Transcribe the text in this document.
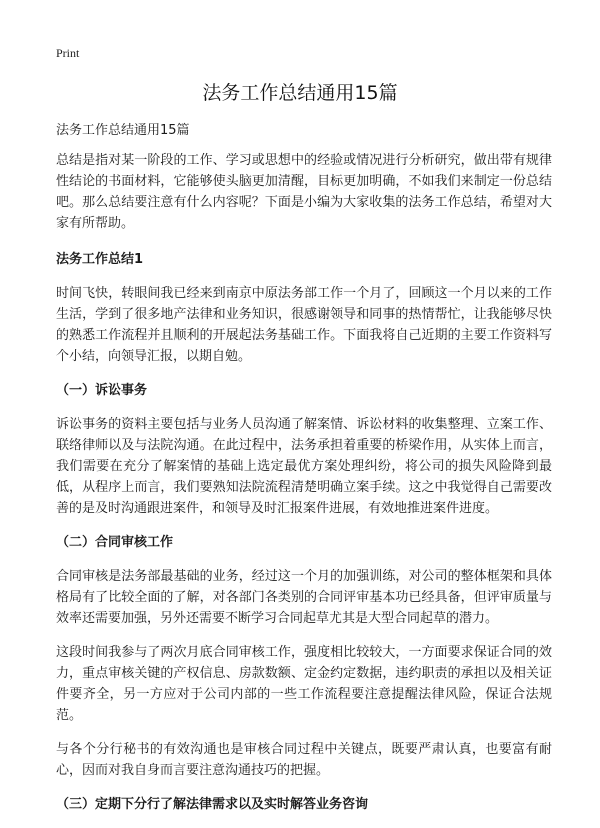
Print
法务工作总结通用15篇

法务工作总结通用15篇

总结是指对某一阶段的工作、学习或思想中的经验或情况进行分析研究，做出带有规律性结论的书面材料，它能够使头脑更加清醒，目标更加明确，不如我们来制定一份总结吧。那么总结要注意有什么内容呢？下面是小编为大家收集的法务工作总结，希望对大家有所帮助。

法务工作总结1

时间飞快，转眼间我已经来到南京中原法务部工作一个月了，回顾这一个月以来的工作生活，学到了很多地产法律和业务知识，很感谢领导和同事的热情帮忙，让我能够尽快的熟悉工作流程并且顺利的开展起法务基础工作。下面我将自己近期的主要工作资料写个小结，向领导汇报，以期自勉。

（一）诉讼事务

诉讼事务的资料主要包括与业务人员沟通了解案情、诉讼材料的收集整理、立案工作、联络律师以及与法院沟通。在此过程中，法务承担着重要的桥梁作用，从实体上而言，我们需要在充分了解案情的基础上选定最优方案处理纠纷，将公司的损失风险降到最低，从程序上而言，我们要熟知法院流程清楚明确立案手续。这之中我觉得自己需要改善的是及时沟通跟进案件，和领导及时汇报案件进展，有效地推进案件进度。

（二）合同审核工作

合同审核是法务部最基础的业务，经过这一个月的加强训练，对公司的整体框架和具体格局有了比较全面的了解，对各部门各类别的合同评审基本功已经具备，但评审质量与效率还需要加强，另外还需要不断学习合同起草尤其是大型合同起草的潜力。

这段时间我参与了两次月底合同审核工作，强度相比较较大，一方面要求保证合同的效力，重点审核关键的产权信息、房款数额、定金约定数据，违约职责的承担以及相关证件要齐全，另一方应对于公司内部的一些工作流程要注意提醒法律风险，保证合法规范。

与各个分行秘书的有效沟通也是审核合同过程中关键点，既要严肃认真，也要富有耐心，因而对我自身而言要注意沟通技巧的把握。

（三）定期下分行了解法律需求以及实时解答业务咨询
